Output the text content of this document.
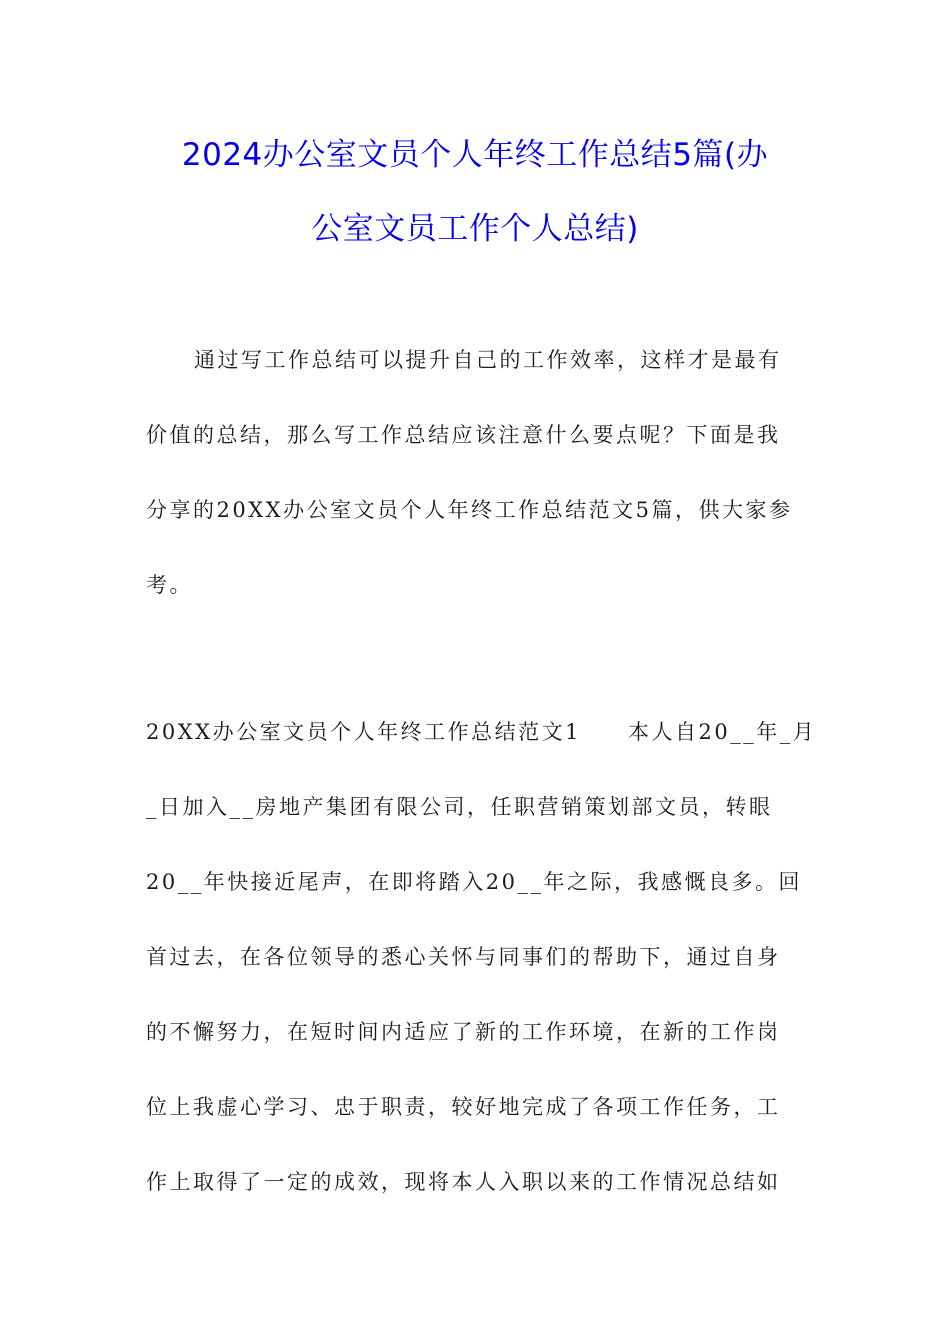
2024办公室文员个人年终工作总结5篇(办
公室文员工作个人总结)
通过写工作总结可以提升自己的工作效率，这样才是最有
价值的总结，那么写工作总结应该注意什么要点呢？下面是我
分享的20XX办公室文员个人年终工作总结范文5篇，供大家参
考。
20XX办公室文员个人年终工作总结范文1　　本人自20__年_月
_日加入__房地产集团有限公司，任职营销策划部文员，转眼
20__年快接近尾声，在即将踏入20__年之际，我感慨良多。回
首过去，在各位领导的悉心关怀与同事们的帮助下，通过自身
的不懈努力，在短时间内适应了新的工作环境，在新的工作岗
位上我虚心学习、忠于职责，较好地完成了各项工作任务，工
作上取得了一定的成效，现将本人入职以来的工作情况总结如
